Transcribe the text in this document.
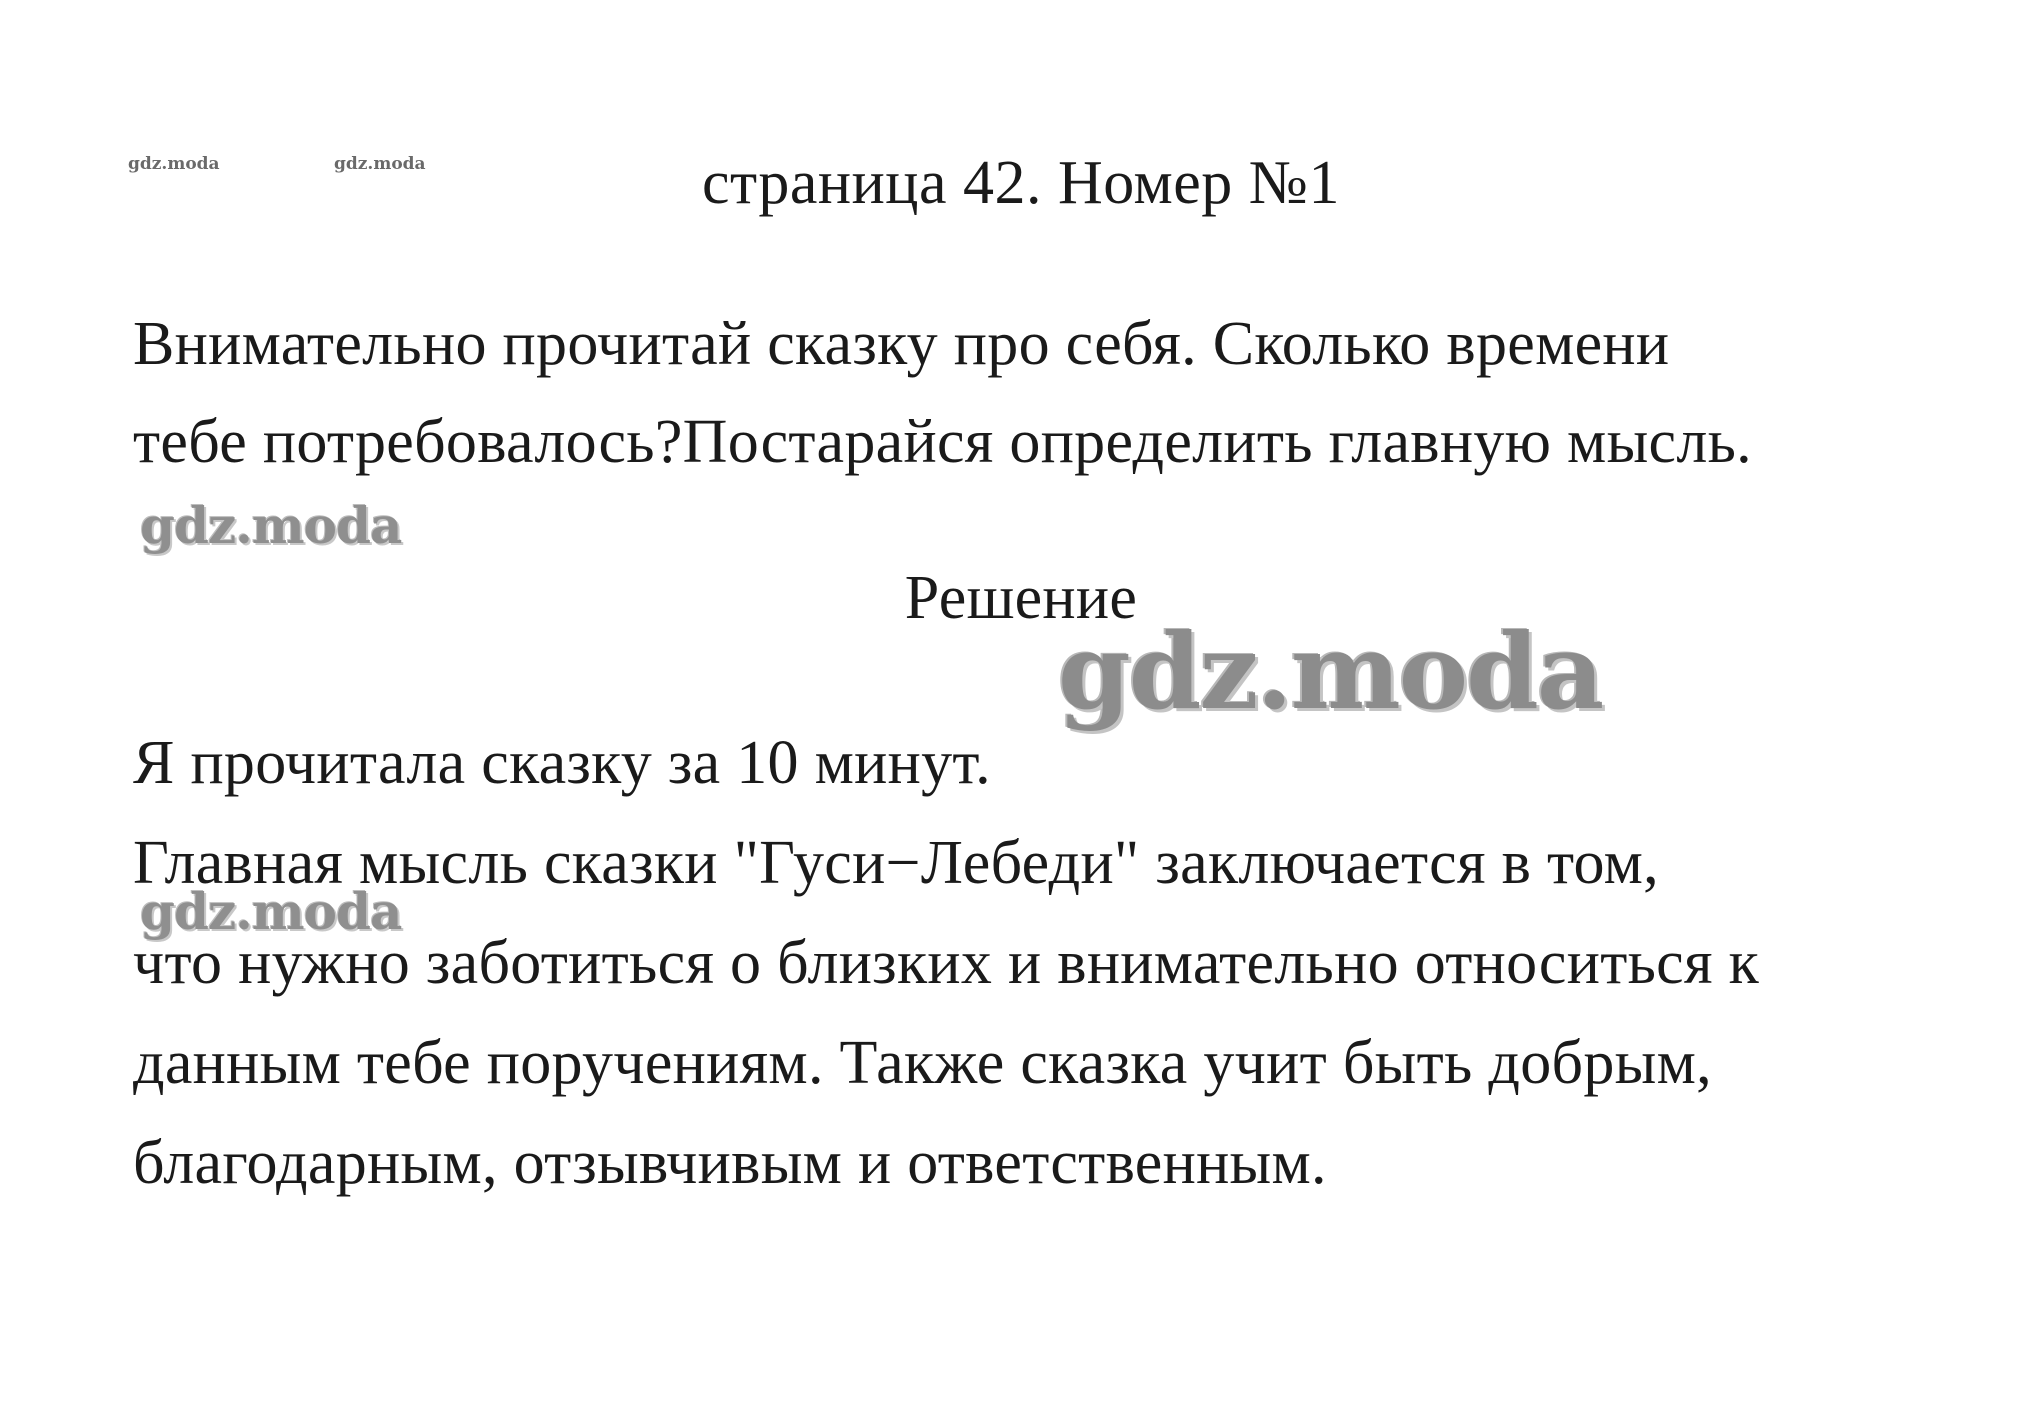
gdz.moda	gdz.moda	страница 42. Номер №1
Внимательно прочитай сказку про себя. Сколько времени
тебе потребовалось?Постарайся определить главную мысль.
gdz.moda
Решение
gdz.moda

Я прочитала сказку за 10 минут.

Главная мысль сказки "Гуси−Лебеди" заключается в том,

что нужно заботиться о близких и внимательно относиться к

данным тебе поручениям. Также сказка учит быть добрым,

благодарным, отзывчивым и ответственным.

gdz.moda
